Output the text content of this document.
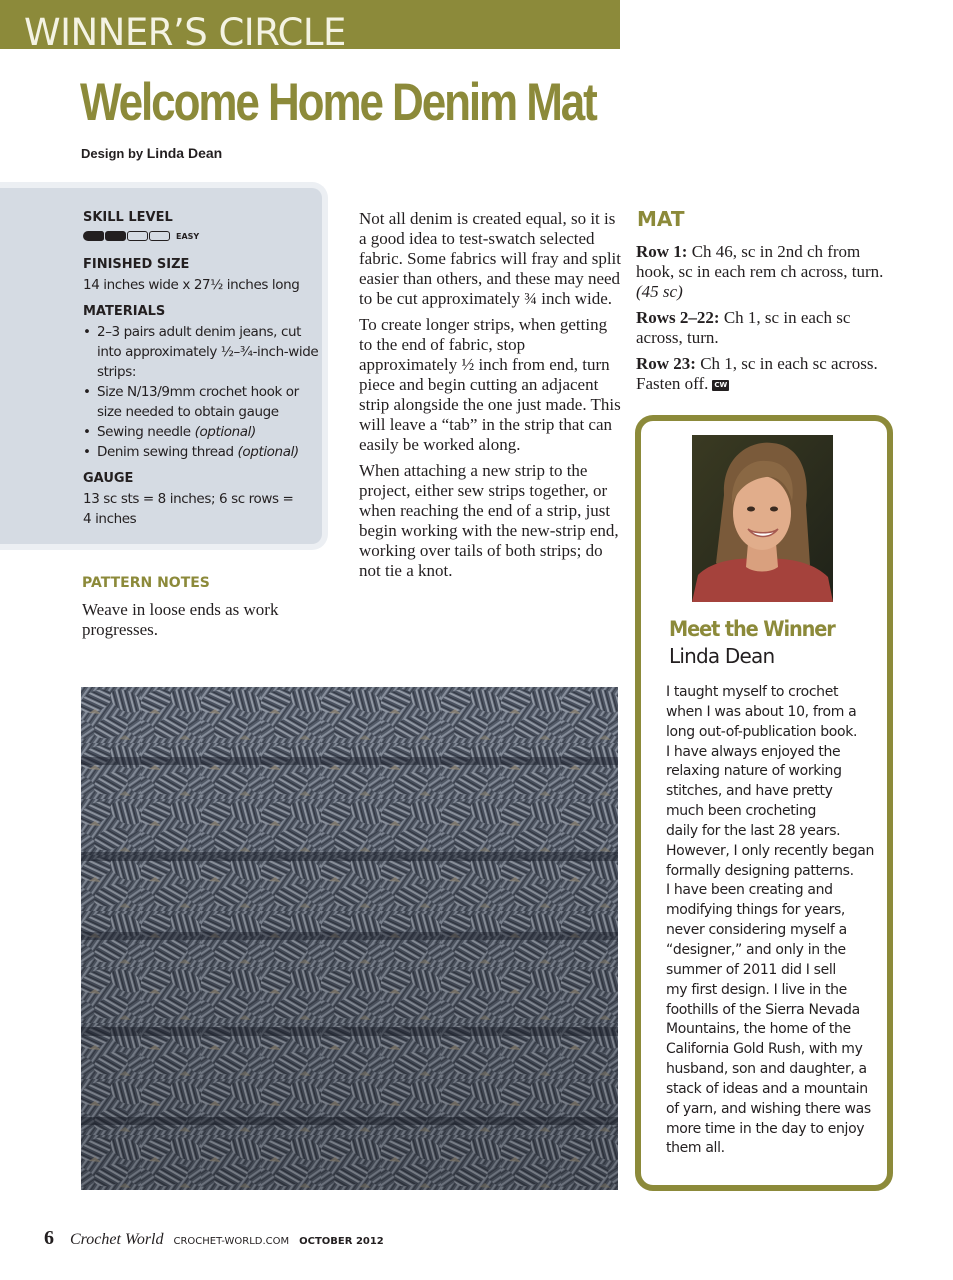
WINNER’S CIRCLE
Welcome Home Denim Mat
Design by Linda Dean
SKILL LEVEL
EASY
FINISHED SIZE
14 inches wide x 27½ inches long
MATERIALS
• 2–3 pairs adult denim jeans, cut into approximately ½–¾-inch-wide strips:
• Size N/13/9mm crochet hook or size needed to obtain gauge
• Sewing needle (optional)
• Denim sewing thread (optional)
GAUGE
13 sc sts = 8 inches; 6 sc rows = 4 inches
PATTERN NOTES
Weave in loose ends as work progresses.

Not all denim is created equal, so it is a good idea to test-swatch selected fabric. Some fabrics will fray and split easier than others, and these may need to be cut approximately ¾ inch wide.

To create longer strips, when getting to the end of fabric, stop approximately ½ inch from end, turn piece and begin cutting an adjacent strip alongside the one just made. This will leave a “tab” in the strip that can easily be worked along.

When attaching a new strip to the project, either sew strips together, or when reaching the end of a strip, just begin working with the new-strip end, working over tails of both strips; do not tie a knot.

MAT

Row 1: Ch 46, sc in 2nd ch from hook, sc in each rem ch across, turn. (45 sc)

Rows 2–22: Ch 1, sc in each sc across, turn.

Row 23: Ch 1, sc in each sc across. Fasten off. CW

Meet the Winner
Linda Dean
I taught myself to crochet
when I was about 10, from a
long out-of-publication book.
I have always enjoyed the
relaxing nature of working
stitches, and have pretty
much been crocheting
daily for the last 28 years.
However, I only recently began
formally designing patterns.
I have been creating and
modifying things for years,
never considering myself a
“designer,” and only in the
summer of 2011 did I sell
my first design. I live in the
foothills of the Sierra Nevada
Mountains, the home of the
California Gold Rush, with my
husband, son and daughter, a
stack of ideas and a mountain
of yarn, and wishing there was
more time in the day to enjoy
them all.
6 Crochet World CROCHET-WORLD.COM OCTOBER 2012
